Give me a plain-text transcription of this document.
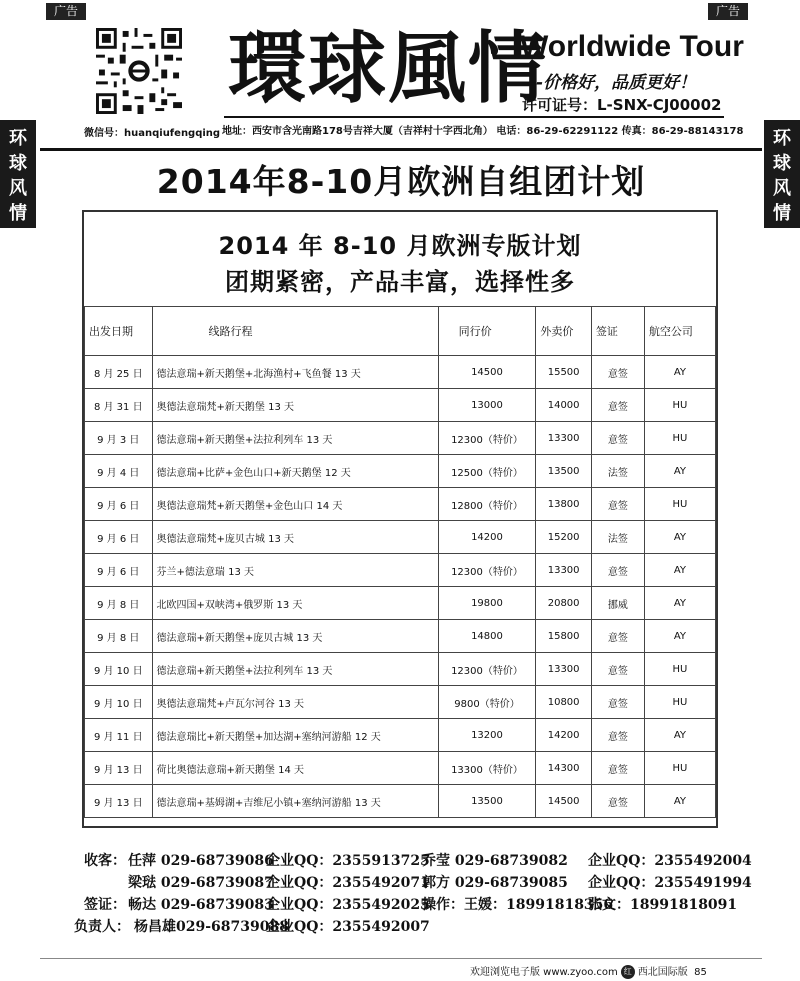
广告	广告
环
球
风
情
环
球
风
情
微信号：huanqiufengqing
環球風情
Worldwide Tour
---价格好，品质更好！
许可证号：L-SNX-CJ00002
地址：西安市含光南路178号吉祥大厦（吉祥村十字西北角） 电话：86-29-62291122 传真：86-29-88143178
2014年8-10月欧洲自组团计划
2014 年 8-10 月欧洲专版计划
团期紧密，产品丰富，选择性多
出发日期	线路行程	同行价	外卖价	签证	航空公司
8 月 25 日	德法意瑞+新天鹅堡+北海渔村+飞鱼餐 13 天	14500	15500	意签	AY
8 月 31 日	奥德法意瑞梵+新天鹅堡 13 天	13000	14000	意签	HU
9 月 3 日	德法意瑞+新天鹅堡+法拉利列车 13 天	12300（特价）	13300	意签	HU
9 月 4 日	德法意瑞+比萨+金色山口+新天鹅堡 12 天	12500（特价）	13500	法签	AY
9 月 6 日	奥德法意瑞梵+新天鹅堡+金色山口 14 天	12800（特价）	13800	意签	HU
9 月 6 日	奥德法意瑞梵+庞贝古城 13 天	14200	15200	法签	AY
9 月 6 日	芬兰+德法意瑞 13 天	12300（特价）	13300	意签	AY
9 月 8 日	北欧四国+双峡湾+俄罗斯 13 天	19800	20800	挪威	AY
9 月 8 日	德法意瑞+新天鹅堡+庞贝古城 13 天	14800	15800	意签	AY
9 月 10 日	德法意瑞+新天鹅堡+法拉利列车 13 天	12300（特价）	13300	意签	HU
9 月 10 日	奥德法意瑞梵+卢瓦尔河谷 13 天	9800（特价）	10800	意签	HU
9 月 11 日	德法意瑞比+新天鹅堡+加达湖+塞纳河游船 12 天	13200	14200	意签	AY
9 月 13 日	荷比奥德法意瑞+新天鹅堡 14 天	13300（特价）	14300	意签	HU
9 月 13 日	德法意瑞+基姆湖+吉维尼小镇+塞纳河游船 13 天	13500	14500	意签	AY
收客： 任萍 029-68739086
企业QQ：2355913725
乔莹 029-68739082 企业QQ：2355492004
梁琺 029-68739087
企业QQ：2355492071
郭方 029-68739085 企业QQ：2355491994
签证： 畅达 029-68739083
企业QQ：2355492025
操作：王媛：18991818356
张文：18991818091
负责人： 杨昌雄029-68739088
企业QQ：2355492007
欢迎浏览电子版 www.zyoo.com 红 西北国际版 85
